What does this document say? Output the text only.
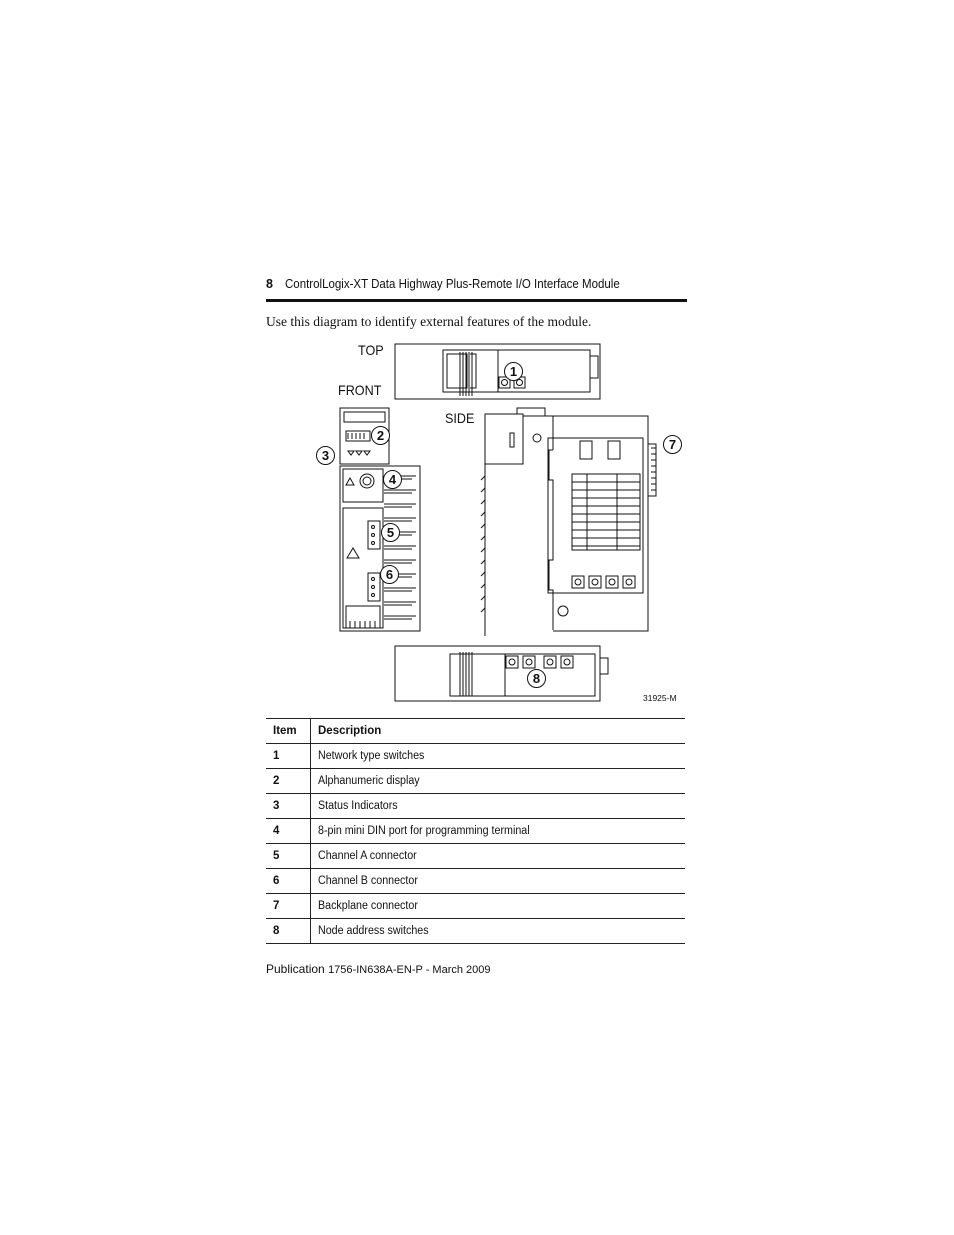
8 ControlLogix-XT Data Highway Plus-Remote I/O Interface Module
Use this diagram to identify external features of the module.
TOP
FRONT
SIDE
1
2
3
4
5
6
7
8
31925-M
Item	Description
1	Network type switches
2	Alphanumeric display
3	Status Indicators
4	8-pin mini DIN port for programming terminal
5	Channel A connector
6	Channel B connector
7	Backplane connector
8	Node address switches
Publication 1756-IN638A-EN-P - March 2009
